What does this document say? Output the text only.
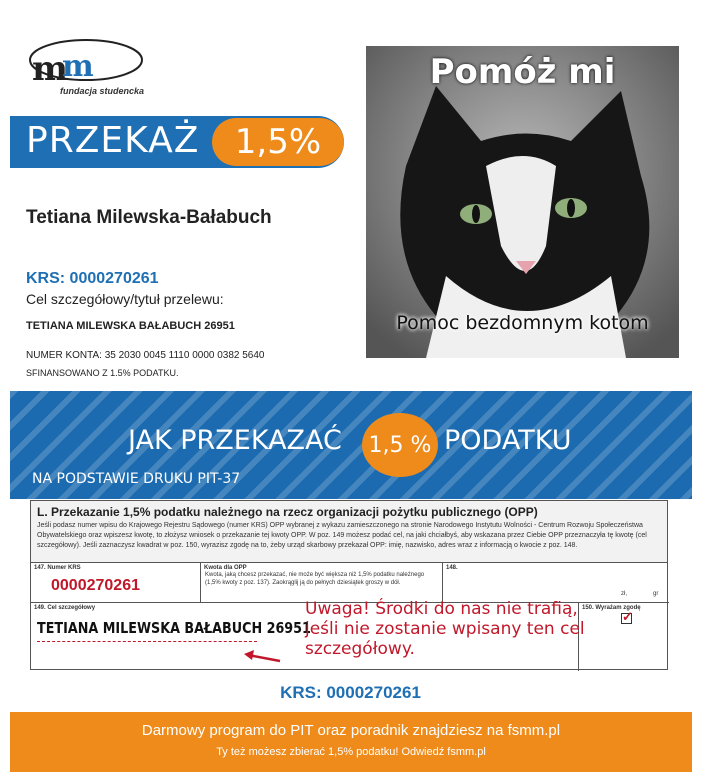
m
m
fundacja studencka
PRZEKAŻ	1,5%
Tetiana Milewska-Bałabuch
KRS: 0000270261
Cel szczegółowy/tytuł przelewu:
TETIANA MILEWSKA BAŁABUCH 26951
NUMER KONTA: 35 2030 0045 1110 0000 0382 5640
SFINANSOWANO Z 1.5% PODATKU.
Pomóż mi
Pomoc bezdomnym kotom
JAK PRZEKAZAĆ 1,5 % PODATKU
NA PODSTAWIE DRUKU PIT-37
L. Przekazanie 1,5% podatku należnego na rzecz organizacji pożytku publicznego (OPP)
Jeśli podasz numer wpisu do Krajowego Rejestru Sądowego (numer KRS) OPP wybranej z wykazu zamieszczonego na stronie Narodowego Instytutu Wolności - Centrum Rozwoju Społeczeństwa Obywatelskiego oraz wpiszesz kwotę, to złożysz wniosek o przekazanie tej kwoty OPP. W poz. 149 możesz podać cel, na jaki chciałbyś, aby wskazana przez Ciebie OPP przeznaczyła tę kwotę (cel szczegółowy). Jeśli zaznaczysz kwadrat w poz. 150, wyrazisz zgodę na to, żeby urząd skarbowy przekazał OPP: imię, nazwisko, adres wraz z informacją o kwocie z poz. 148.
147. Numer KRS
0000270261
Kwota dla OPP
Kwota, jaką chcesz przekazać, nie może być większa niż 1,5% podatku należnego (1,5% kwoty z poz. 137). Zaokrąglij ją do pełnych dziesiątek groszy w dół.
148.
zł,	gr
149. Cel szczegółowy
TETIANA MILEWSKA BAŁABUCH 26951
150. Wyrażam zgodę
✓
Uwaga! Środki do nas nie trafią, jeśli nie zostanie wpisany ten cel szczegółowy.
KRS: 0000270261
Darmowy program do PIT oraz poradnik znajdziesz na fsmm.pl
Ty też możesz zbierać 1,5% podatku! Odwiedź fsmm.pl
